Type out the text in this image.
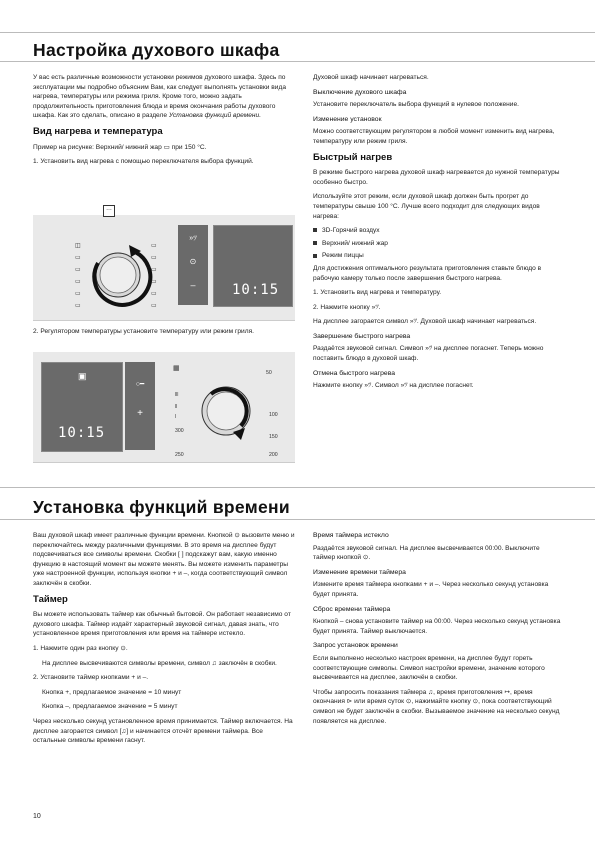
Настройка духового шкафа

У вас есть различные возможности установки режимов духового шкафа. Здесь по эксплуатации мы подробно объясним Вам, как следует выполнять установки вида нагрева, температуры или режима гриля. Кроме того, можно задать продолжительность приготовления блюда и время окончания работы духового шкафа. Как это сделать, описано в разделе Установка функций времени.

Вид нагрева и температура

Пример на рисунке: Верхний/ нижний жар ▭ при 150 °C.

1. Установить вид нагрева с помощью переключателя выбора функций.

…
◫
▭
▭
▭
▭
▭
▭
▭
▭
▭
▭
▭
»ﾂ
⊙
–	10:15

2. Регулятором температуры установите температуру или режим гриля.

▣
10:15
○━
+
▦
50
100
150
200
250
300
lll
ll
l

Духовой шкаф начинает нагреваться.

Выключение духового шкафа

Установите переключатель выбора функций в нулевое положение.

Изменение установок

Можно соответствующим регулятором в любой момент изменить вид нагрева, температуру или режим гриля.

Быстрый нагрев

В режиме быстрого нагрева духовой шкаф нагревается до нужной температуры особенно быстро.

Используйте этот режим, если духовой шкаф должен быть прогрет до температуры свыше 100 °C. Лучше всего подходит для следующих видов нагрева:

3D-Горячий воздух
Верхний/ нижний жар
Режим пиццы

Для достижения оптимального результата приготовления ставьте блюдо в рабочую камеру только после завершения быстрого нагрева.

1. Установить вид нагрева и температуру.

2. Нажмите кнопку »ﾂ.

На дисплее загорается символ »ﾂ. Духовой шкаф начинает нагреваться.

Завершение быстрого нагрева

Раздаётся звуковой сигнал. Символ »ﾂ на дисплее погаснет. Теперь можно поставить блюдо в духовой шкаф.

Отмена быстрого нагрева

Нажмите кнопку »ﾂ. Символ »ﾂ на дисплее погаснет.

Установка функций времени

Ваш духовой шкаф имеет различные функции времени. Кнопкой ⊙ вызовите меню и переключайтесь между различными функциями. В это время на дисплее будут подсвечиваться все символы времени. Скобки [ ] подскажут вам, какую именно функцию в настоящий момент вы можете менять. Вы можете изменить параметры уже настроенной функции, используя кнопки + и –, когда соответствующий символ заключён в скобки.

Таймер

Вы можете использовать таймер как обычный бытовой. Он работает независимо от духового шкафа. Таймер издаёт характерный звуковой сигнал, давая знать, что установленное время приготовления или время на таймере истекло.

1. Нажмите один раз кнопку ⊙.

На дисплее высвечиваются символы времени, символ ♫ заключён в скобки.

2. Установите таймер кнопками + и –.

Кнопка +, предлагаемое значение = 10 минут

Кнопка –, предлагаемое значение = 5 минут

Через несколько секунд установленное время принимается. Таймер включается. На дисплее загорается символ [♫] и начинается отсчёт времени таймера. Все остальные символы времени гаснут.

Время таймера истекло

Раздаётся звуковой сигнал. На дисплее высвечивается 00:00. Выключите таймер кнопкой ⊙.

Изменение времени таймера

Измените время таймера кнопками + и –. Через несколько секунд установка будет принята.

Сброс времени таймера

Кнопкой – снова установите таймер на 00:00. Через несколько секунд установка будет принята. Таймер выключается.

Запрос установок времени

Если выполнено несколько настроек времени, на дисплее будут гореть соответствующие символы. Символ настройки времени, значение которого высвечивается на дисплее, заключён в скобки.

Чтобы запросить показания таймера ♫, время приготовления ↦, время окончания ⊳ или время суток ⊙, нажимайте кнопку ⊙, пока соответствующий символ не будет заключён в скобки. Вызываемое значение на несколько секунд появляется на дисплее.

10
